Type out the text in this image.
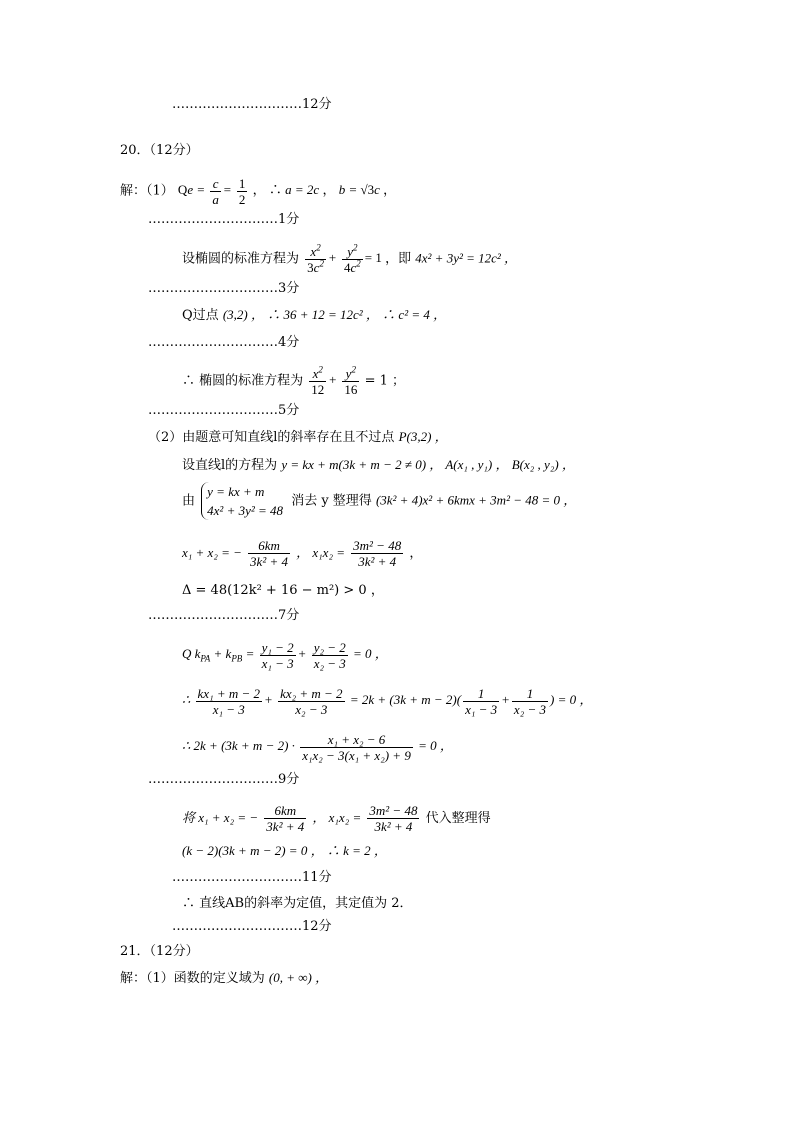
…………………………12分
20．（12分）
解：（1） $Qe = \frac{c}{a} = \frac{1}{2}$ ， ∴ a = 2c ， b = √3c ，
…………………………1分
设椭圆的标准方程为 $\frac{x^2}{3c^2} + \frac{y^2}{4c^2} = 1$ ，即 4x² + 3y² = 12c² ，
…………………………3分
Q过点 (3,2) ， ∴ 36 + 12 = 12c² ， ∴ c² = 4 ，
…………………………4分
∴ 椭圆的标准方程为 $\frac{x^2}{12} + \frac{y^2}{16} = 1$ ；
…………………………5分
（2）由题意可知直线l的斜率存在且不过点 P(3,2) ，
设直线l的方程为 y = kx + m(3k + m − 2 ≠ 0) ， A(x₁ , y₁) ， B(x₂ , y₂) ，
由
y = kx + m
4x² + 3y² = 48
消去 y 整理得 (3k² + 4)x² + 6kmx + 3m² − 48 = 0 ，
x₁ + x₂ = − $\frac{6km}{\text{3k² + 4}}$ ， $x_1x_2 = \frac{\text{3m² − 48}}{\text{3k² + 4}}$ ，
Δ = 48(12k² + 16 − m²) > 0 ，
…………………………7分
Q $k_{PA} + k_{PB} = \frac{\text{y₁ − 2}}{\text{x₁ − 3}} + \frac{\text{y₂ − 2}}{\text{x₂ − 3}} = 0$ ，
∴ $\frac{\text{kx₁ + m − 2}}{\text{x₁ − 3}} + \frac{\text{kx₂ + m − 2}}{\text{x₂ − 3}} = 2k + (3k + m - 2)( \frac{1}{\text{x₁ − 3}} + \frac{1}{\text{x₂ − 3}}$ ) = 0 ，
∴ $2k + (3k + m - 2) \cdot \frac{\text{x₁ + x₂ − 6}}{\text{x₁x₂ − 3(x₁ + x₂) + 9}} = 0$ ，
…………………………9分
将 x₁ + x₂ = − $\frac{6km}{\text{3k² + 4}}$ ， $x_1x_2 = \frac{\text{3m² − 48}}{\text{3k² + 4}}$ 代入整理得
(k − 2)(3k + m − 2) = 0 ， ∴ k = 2 ，
…………………………11分
∴ 直线AB的斜率为定值，其定值为 2．
…………………………12分
21．（12分）
解：（1）函数的定义域为 (0, + ∞) ，
